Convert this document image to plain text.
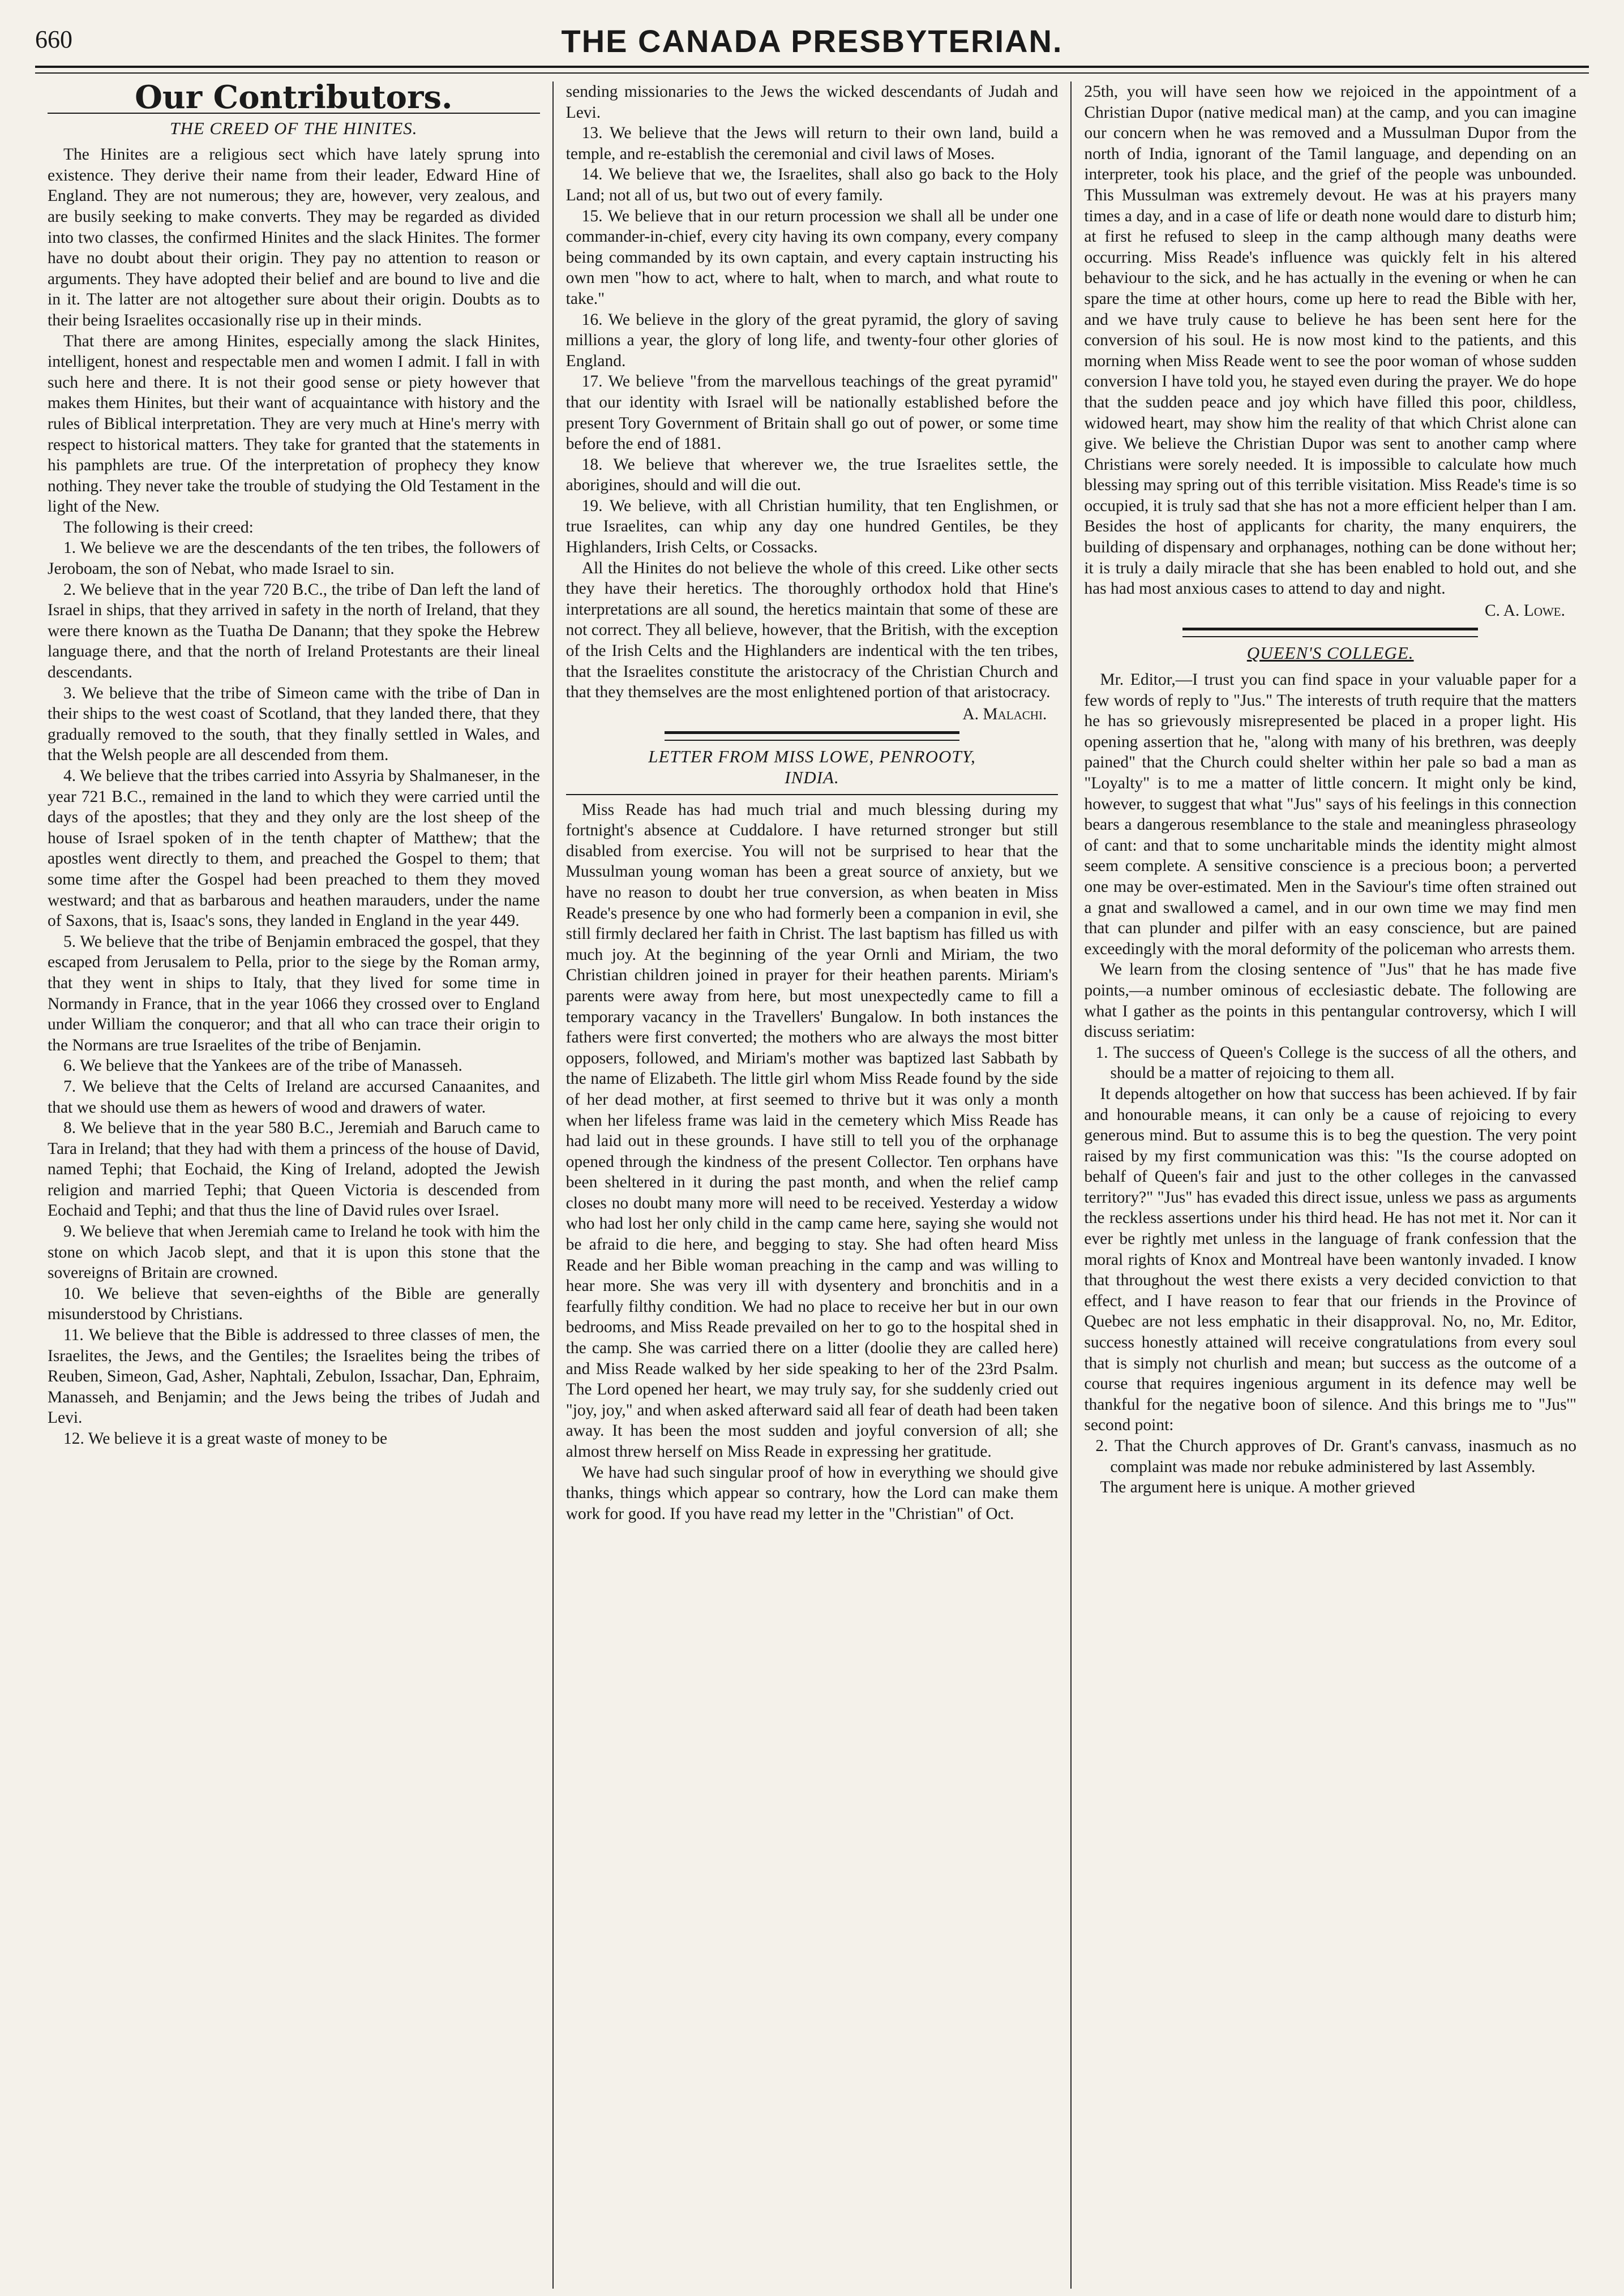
660	THE CANADA PRESBYTERIAN.
Our Contributors.
THE CREED OF THE HINITES.

The Hinites are a religious sect which have lately sprung into existence. They derive their name from their leader, Edward Hine of England. They are not numerous; they are, however, very zealous, and are busily seeking to make converts. They may be regarded as divided into two classes, the confirmed Hinites and the slack Hinites. The former have no doubt about their origin. They pay no attention to reason or arguments. They have adopted their belief and are bound to live and die in it. The latter are not altogether sure about their origin. Doubts as to their being Israelites occasionally rise up in their minds.

That there are among Hinites, especially among the slack Hinites, intelligent, honest and respectable men and women I admit. I fall in with such here and there. It is not their good sense or piety however that makes them Hinites, but their want of acquaintance with history and the rules of Biblical interpretation. They are very much at Hine's merry with respect to historical matters. They take for granted that the statements in his pamphlets are true. Of the interpretation of prophecy they know nothing. They never take the trouble of studying the Old Testament in the light of the New.

The following is their creed:

1. We believe we are the descendants of the ten tribes, the followers of Jeroboam, the son of Nebat, who made Israel to sin.

2. We believe that in the year 720 B.C., the tribe of Dan left the land of Israel in ships, that they arrived in safety in the north of Ireland, that they were there known as the Tuatha De Danann; that they spoke the Hebrew language there, and that the north of Ireland Protestants are their lineal descendants.

3. We believe that the tribe of Simeon came with the tribe of Dan in their ships to the west coast of Scotland, that they landed there, that they gradually removed to the south, that they finally settled in Wales, and that the Welsh people are all descended from them.

4. We believe that the tribes carried into Assyria by Shalmaneser, in the year 721 B.C., remained in the land to which they were carried until the days of the apostles; that they and they only are the lost sheep of the house of Israel spoken of in the tenth chapter of Matthew; that the apostles went directly to them, and preached the Gospel to them; that some time after the Gospel had been preached to them they moved westward; and that as barbarous and heathen marauders, under the name of Saxons, that is, Isaac's sons, they landed in England in the year 449.

5. We believe that the tribe of Benjamin embraced the gospel, that they escaped from Jerusalem to Pella, prior to the siege by the Roman army, that they went in ships to Italy, that they lived for some time in Normandy in France, that in the year 1066 they crossed over to England under William the conqueror; and that all who can trace their origin to the Normans are true Israelites of the tribe of Benjamin.

6. We believe that the Yankees are of the tribe of Manasseh.

7. We believe that the Celts of Ireland are accursed Canaanites, and that we should use them as hewers of wood and drawers of water.

8. We believe that in the year 580 B.C., Jeremiah and Baruch came to Tara in Ireland; that they had with them a princess of the house of David, named Tephi; that Eochaid, the King of Ireland, adopted the Jewish religion and married Tephi; that Queen Victoria is descended from Eochaid and Tephi; and that thus the line of David rules over Israel.

9. We believe that when Jeremiah came to Ireland he took with him the stone on which Jacob slept, and that it is upon this stone that the sovereigns of Britain are crowned.

10. We believe that seven-eighths of the Bible are generally misunderstood by Christians.

11. We believe that the Bible is addressed to three classes of men, the Israelites, the Jews, and the Gentiles; the Israelites being the tribes of Reuben, Simeon, Gad, Asher, Naphtali, Zebulon, Issachar, Dan, Ephraim, Manasseh, and Benjamin; and the Jews being the tribes of Judah and Levi.

12. We believe it is a great waste of money to be

sending missionaries to the Jews the wicked descendants of Judah and Levi.

13. We believe that the Jews will return to their own land, build a temple, and re-establish the ceremonial and civil laws of Moses.

14. We believe that we, the Israelites, shall also go back to the Holy Land; not all of us, but two out of every family.

15. We believe that in our return procession we shall all be under one commander-in-chief, every city having its own company, every company being commanded by its own captain, and every captain instructing his own men "how to act, where to halt, when to march, and what route to take."

16. We believe in the glory of the great pyramid, the glory of saving millions a year, the glory of long life, and twenty-four other glories of England.

17. We believe "from the marvellous teachings of the great pyramid" that our identity with Israel will be nationally established before the present Tory Government of Britain shall go out of power, or some time before the end of 1881.

18. We believe that wherever we, the true Israelites settle, the aborigines, should and will die out.

19. We believe, with all Christian humility, that ten Englishmen, or true Israelites, can whip any day one hundred Gentiles, be they Highlanders, Irish Celts, or Cossacks.

All the Hinites do not believe the whole of this creed. Like other sects they have their heretics. The thoroughly orthodox hold that Hine's interpretations are all sound, the heretics maintain that some of these are not correct. They all believe, however, that the British, with the exception of the Irish Celts and the Highlanders are indentical with the ten tribes, that the Israelites constitute the aristocracy of the Christian Church and that they themselves are the most enlightened portion of that aristocracy.

A. Malachi.
LETTER FROM MISS LOWE, PENROOTY,
INDIA.

Miss Reade has had much trial and much blessing during my fortnight's absence at Cuddalore. I have returned stronger but still disabled from exercise. You will not be surprised to hear that the Mussulman young woman has been a great source of anxiety, but we have no reason to doubt her true conversion, as when beaten in Miss Reade's presence by one who had formerly been a companion in evil, she still firmly declared her faith in Christ. The last baptism has filled us with much joy. At the beginning of the year Ornli and Miriam, the two Christian children joined in prayer for their heathen parents. Miriam's parents were away from here, but most unexpectedly came to fill a temporary vacancy in the Travellers' Bungalow. In both instances the fathers were first converted; the mothers who are always the most bitter opposers, followed, and Miriam's mother was baptized last Sabbath by the name of Elizabeth. The little girl whom Miss Reade found by the side of her dead mother, at first seemed to thrive but it was only a month when her lifeless frame was laid in the cemetery which Miss Reade has had laid out in these grounds. I have still to tell you of the orphanage opened through the kindness of the present Collector. Ten orphans have been sheltered in it during the past month, and when the relief camp closes no doubt many more will need to be received. Yesterday a widow who had lost her only child in the camp came here, saying she would not be afraid to die here, and begging to stay. She had often heard Miss Reade and her Bible woman preaching in the camp and was willing to hear more. She was very ill with dysentery and bronchitis and in a fearfully filthy condition. We had no place to receive her but in our own bedrooms, and Miss Reade prevailed on her to go to the hospital shed in the camp. She was carried there on a litter (doolie they are called here) and Miss Reade walked by her side speaking to her of the 23rd Psalm. The Lord opened her heart, we may truly say, for she suddenly cried out "joy, joy," and when asked afterward said all fear of death had been taken away. It has been the most sudden and joyful conversion of all; she almost threw herself on Miss Reade in expressing her gratitude.

We have had such singular proof of how in everything we should give thanks, things which appear so contrary, how the Lord can make them work for good. If you have read my letter in the "Christian" of Oct.

25th, you will have seen how we rejoiced in the appointment of a Christian Dupor (native medical man) at the camp, and you can imagine our concern when he was removed and a Mussulman Dupor from the north of India, ignorant of the Tamil language, and depending on an interpreter, took his place, and the grief of the people was unbounded. This Mussulman was extremely devout. He was at his prayers many times a day, and in a case of life or death none would dare to disturb him; at first he refused to sleep in the camp although many deaths were occurring. Miss Reade's influence was quickly felt in his altered behaviour to the sick, and he has actually in the evening or when he can spare the time at other hours, come up here to read the Bible with her, and we have truly cause to believe he has been sent here for the conversion of his soul. He is now most kind to the patients, and this morning when Miss Reade went to see the poor woman of whose sudden conversion I have told you, he stayed even during the prayer. We do hope that the sudden peace and joy which have filled this poor, childless, widowed heart, may show him the reality of that which Christ alone can give. We believe the Christian Dupor was sent to another camp where Christians were sorely needed. It is impossible to calculate how much blessing may spring out of this terrible visitation. Miss Reade's time is so occupied, it is truly sad that she has not a more efficient helper than I am. Besides the host of applicants for charity, the many enquirers, the building of dispensary and orphanages, nothing can be done without her; it is truly a daily miracle that she has been enabled to hold out, and she has had most anxious cases to attend to day and night.

C. A. Lowe.
QUEEN'S COLLEGE.

Mr. Editor,—I trust you can find space in your valuable paper for a few words of reply to "Jus." The interests of truth require that the matters he has so grievously misrepresented be placed in a proper light. His opening assertion that he, "along with many of his brethren, was deeply pained" that the Church could shelter within her pale so bad a man as "Loyalty" is to me a matter of little concern. It might only be kind, however, to suggest that what "Jus" says of his feelings in this connection bears a dangerous resemblance to the stale and meaningless phraseology of cant: and that to some uncharitable minds the identity might almost seem complete. A sensitive conscience is a precious boon; a perverted one may be over-estimated. Men in the Saviour's time often strained out a gnat and swallowed a camel, and in our own time we may find men that can plunder and pilfer with an easy conscience, but are pained exceedingly with the moral deformity of the policeman who arrests them.

We learn from the closing sentence of "Jus" that he has made five points,—a number ominous of ecclesiastic debate. The following are what I gather as the points in this pentangular controversy, which I will discuss seriatim:

1. The success of Queen's College is the success of all the others, and should be a matter of rejoicing to them all.

It depends altogether on how that success has been achieved. If by fair and honourable means, it can only be a cause of rejoicing to every generous mind. But to assume this is to beg the question. The very point raised by my first communication was this: "Is the course adopted on behalf of Queen's fair and just to the other colleges in the canvassed territory?" "Jus" has evaded this direct issue, unless we pass as arguments the reckless assertions under his third head. He has not met it. Nor can it ever be rightly met unless in the language of frank confession that the moral rights of Knox and Montreal have been wantonly invaded. I know that throughout the west there exists a very decided conviction to that effect, and I have reason to fear that our friends in the Province of Quebec are not less emphatic in their disapproval. No, no, Mr. Editor, success honestly attained will receive congratulations from every soul that is simply not churlish and mean; but success as the outcome of a course that requires ingenious argument in its defence may well be thankful for the negative boon of silence. And this brings me to "Jus'" second point:

2. That the Church approves of Dr. Grant's canvass, inasmuch as no complaint was made nor rebuke administered by last Assembly.

The argument here is unique. A mother grieved
